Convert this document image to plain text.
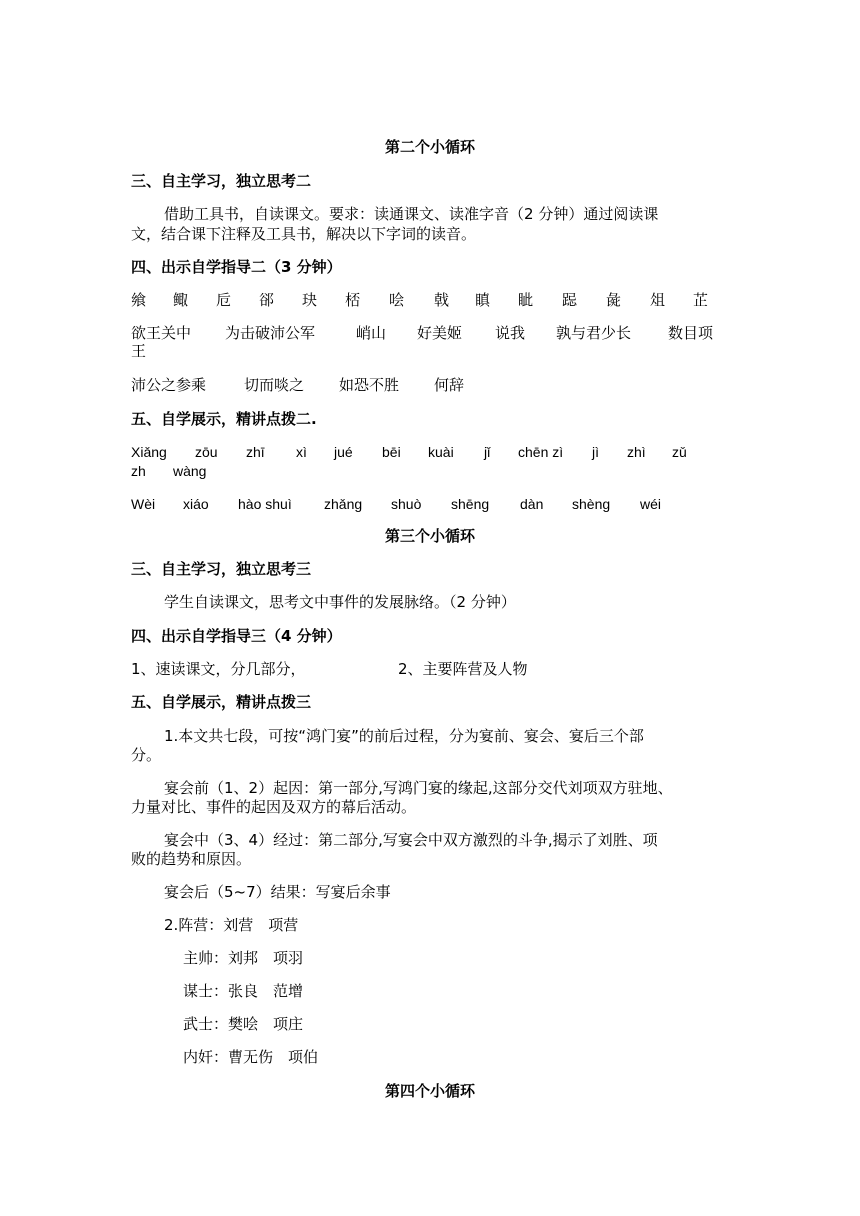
第二个小循环
三、自主学习，独立思考二
借助工具书，自读课文。要求：读通课文、读准字音（2 分钟）通过阅读课
文，结合课下注释及工具书，解决以下字词的读音。
四、出示自学指导二（3 分钟）
飨 鲰 卮 郤 玦 桮 哙 戟 瞋 眦 跽 彘 俎 芷
欲王关中 为击破沛公军	峭山 好美姬 说我 孰与君少长 数目项
王
沛公之参乘	切而啖之 如恐不胜 何辞
五、自学展示，精讲点拨二.
Xiǎng zōu zhī xì jué bēi kuài jǐ chēn zì jì zhì zǔ
zh wàng
Wèi xiáo hào shuì zhǎng shuò shēng dàn shèng wéi
第三个小循环
三、自主学习，独立思考三
学生自读课文，思考文中事件的发展脉络。（2 分钟）
四、出示自学指导三（4 分钟）
1、速读课文，分几部分，	2、主要阵营及人物
五、自学展示，精讲点拨三
1.本文共七段，可按“鸿门宴”的前后过程，分为宴前、宴会、宴后三个部
分。
宴会前（1、2）起因：第一部分,写鸿门宴的缘起,这部分交代刘项双方驻地、
力量对比、事件的起因及双方的幕后活动。
宴会中（3、4）经过：第二部分,写宴会中双方激烈的斗争,揭示了刘胜、项
败的趋势和原因。
宴会后（5~7）结果：写宴后余事
2.阵营：刘营　项营
主帅：刘邦　项羽
谋士：张良　范增
武士：樊哙　项庄
内奸：曹无伤　项伯
第四个小循环
